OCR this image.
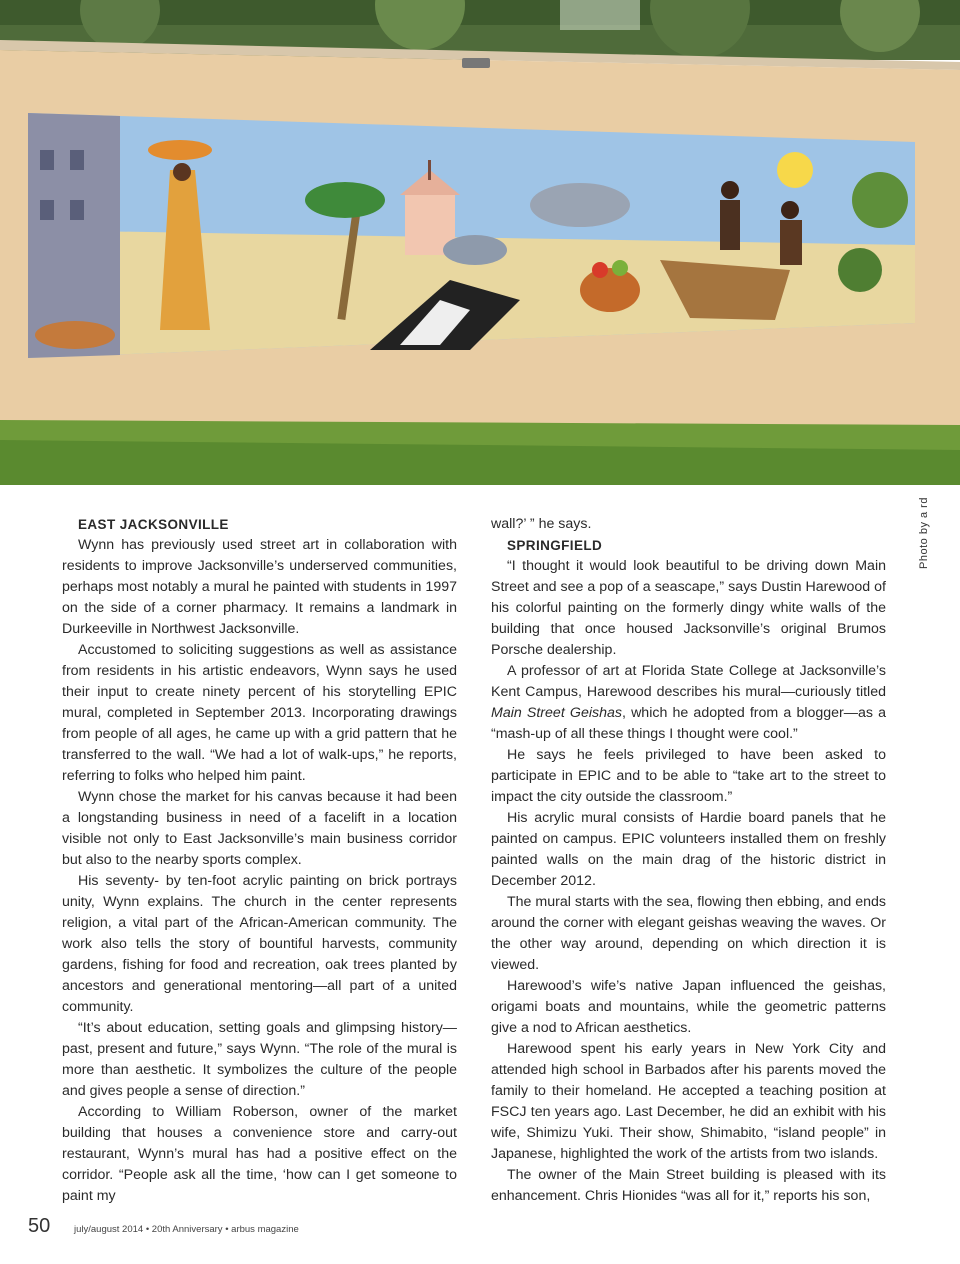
Photo by a rd
EAST JACKSONVILLE

Wynn has previously used street art in collaboration with residents to improve Jacksonville’s underserved communities, perhaps most notably a mural he painted with students in 1997 on the side of a corner pharmacy. It remains a landmark in Durkeeville in Northwest Jacksonville.

Accustomed to soliciting suggestions as well as assistance from residents in his artistic endeavors, Wynn says he used their input to create ninety percent of his storytelling EPIC mural, completed in September 2013. Incorporating drawings from people of all ages, he came up with a grid pattern that he transferred to the wall. “We had a lot of walk-ups,” he reports, referring to folks who helped him paint.

Wynn chose the market for his canvas because it had been a longstanding business in need of a facelift in a location visible not only to East Jacksonville’s main business corridor but also to the nearby sports complex.

His seventy- by ten-foot acrylic painting on brick portrays unity, Wynn explains. The church in the center represents religion, a vital part of the African-American community. The work also tells the story of bountiful harvests, community gardens, fishing for food and recreation, oak trees planted by ancestors and generational mentoring—all part of a united community.

“It’s about education, setting goals and glimpsing history—past, present and future,” says Wynn. “The role of the mural is more than aesthetic. It symbolizes the culture of the people and gives people a sense of direction.”

According to William Roberson, owner of the market building that houses a convenience store and carry-out restaurant, Wynn’s mural has had a positive effect on the corridor. “People ask all the time, ‘how can I get someone to paint my

wall?’ ” he says.

SPRINGFIELD

“I thought it would look beautiful to be driving down Main Street and see a pop of a seascape,” says Dustin Harewood of his colorful painting on the formerly dingy white walls of the building that once housed Jacksonville’s original Brumos Porsche dealership.

A professor of art at Florida State College at Jacksonville’s Kent Campus, Harewood describes his mural—curiously titled Main Street Geishas, which he adopted from a blogger—as a “mash-up of all these things I thought were cool.”

He says he feels privileged to have been asked to participate in EPIC and to be able to “take art to the street to impact the city outside the classroom.”

His acrylic mural consists of Hardie board panels that he painted on campus. EPIC volunteers installed them on freshly painted walls on the main drag of the historic district in December 2012.

The mural starts with the sea, flowing then ebbing, and ends around the corner with elegant geishas weaving the waves. Or the other way around, depending on which direction it is viewed.

Harewood’s wife’s native Japan influenced the geishas, origami boats and mountains, while the geometric patterns give a nod to African aesthetics.

Harewood spent his early years in New York City and attended high school in Barbados after his parents moved the family to their homeland. He accepted a teaching position at FSCJ ten years ago. Last December, he did an exhibit with his wife, Shimizu Yuki. Their show, Shimabito, “island people” in Japanese, highlighted the work of the artists from two islands.

The owner of the Main Street building is pleased with its enhancement. Chris Hionides “was all for it,” reports his son,

50	july/august 2014 • 20th Anniversary • arbus magazine
